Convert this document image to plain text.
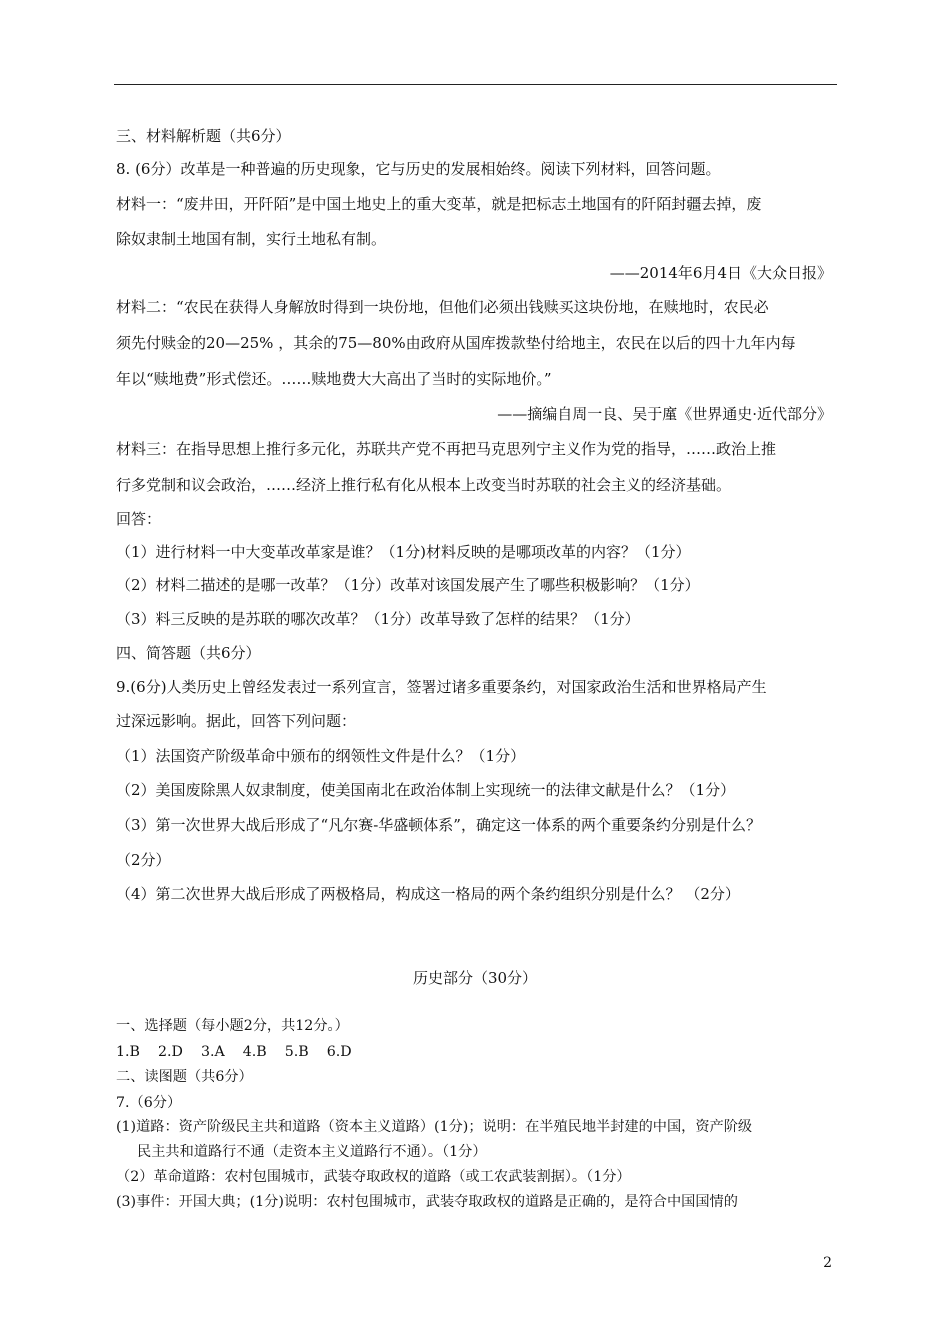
三、材料解析题（共6分）
8. (6分）改革是一种普遍的历史现象，它与历史的发展相始终。阅读下列材料，回答问题。
材料一：“废井田，开阡陌”是中国土地史上的重大变革，就是把标志土地国有的阡陌封疆去掉，废
除奴隶制土地国有制，实行土地私有制。
——2014年6月4日《大众日报》
材料二：“农民在获得人身解放时得到一块份地，但他们必须出钱赎买这块份地，在赎地时，农民必
须先付赎金的20—25% ，其余的75—80%由政府从国库拨款垫付给地主，农民在以后的四十九年内每
年以“赎地费”形式偿还。……赎地费大大高出了当时的实际地价。”
——摘编自周一良、吴于廑《世界通史·近代部分》
材料三：在指导思想上推行多元化，苏联共产党不再把马克思列宁主义作为党的指导，……政治上推
行多党制和议会政治，……经济上推行私有化从根本上改变当时苏联的社会主义的经济基础。
回答：
（1）进行材料一中大变革改革家是谁？（1分)材料反映的是哪项改革的内容？（1分）
（2）材料二描述的是哪一改革？（1分）改革对该国发展产生了哪些积极影响？（1分）
（3）料三反映的是苏联的哪次改革？（1分）改革导致了怎样的结果？（1分）
四、简答题（共6分）
9.(6分)人类历史上曾经发表过一系列宣言，签署过诸多重要条约，对国家政治生活和世界格局产生
过深远影响。据此，回答下列问题：
（1）法国资产阶级革命中颁布的纲领性文件是什么？（1分）
（2）美国废除黑人奴隶制度，使美国南北在政治体制上实现统一的法律文献是什么？（1分）
（3）第一次世界大战后形成了“凡尔赛-华盛顿体系”，确定这一体系的两个重要条约分别是什么？
（2分）
（4）第二次世界大战后形成了两极格局，构成这一格局的两个条约组织分别是什么？ （2分）
历史部分（30分）
一、选择题（每小题2分，共12分。）
1.B    2.D    3.A    4.B    5.B    6.D
二、读图题（共6分）
7.（6分）
(1)道路：资产阶级民主共和道路（资本主义道路）(1分)；说明：在半殖民地半封建的中国，资产阶级
民主共和道路行不通（走资本主义道路行不通）。（1分）
（2）革命道路：农村包围城市，武装夺取政权的道路（或工农武装割据）。（1分）
(3)事件：开国大典；(1分)说明：农村包围城市，武装夺取政权的道路是正确的，是符合中国国情的
2
